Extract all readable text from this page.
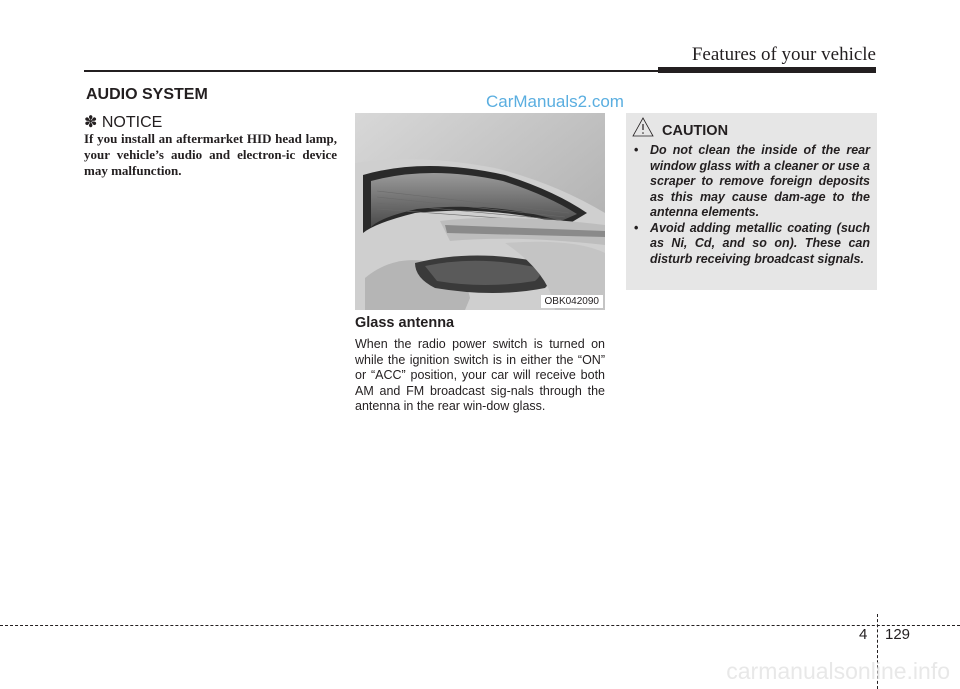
Features of your vehicle
AUDIO SYSTEM	CarManuals2.com
✽ NOTICE
If you install an aftermarket HID head lamp, your vehicle’s audio and electron-ic device may malfunction.
OBK042090
Glass antenna
When the radio power switch is turned on while the ignition switch is in either the “ON” or “ACC” position, your car will receive both AM and FM broadcast sig-nals through the antenna in the rear win-dow glass.
CAUTION
• Do not clean the inside of the rear window glass with a cleaner or use a scraper to remove foreign deposits as this may cause dam-age to the antenna elements.
• Avoid adding metallic coating (such as Ni, Cd, and so on). These can disturb receiving broadcast signals.
4 129
carmanualsonline.info
